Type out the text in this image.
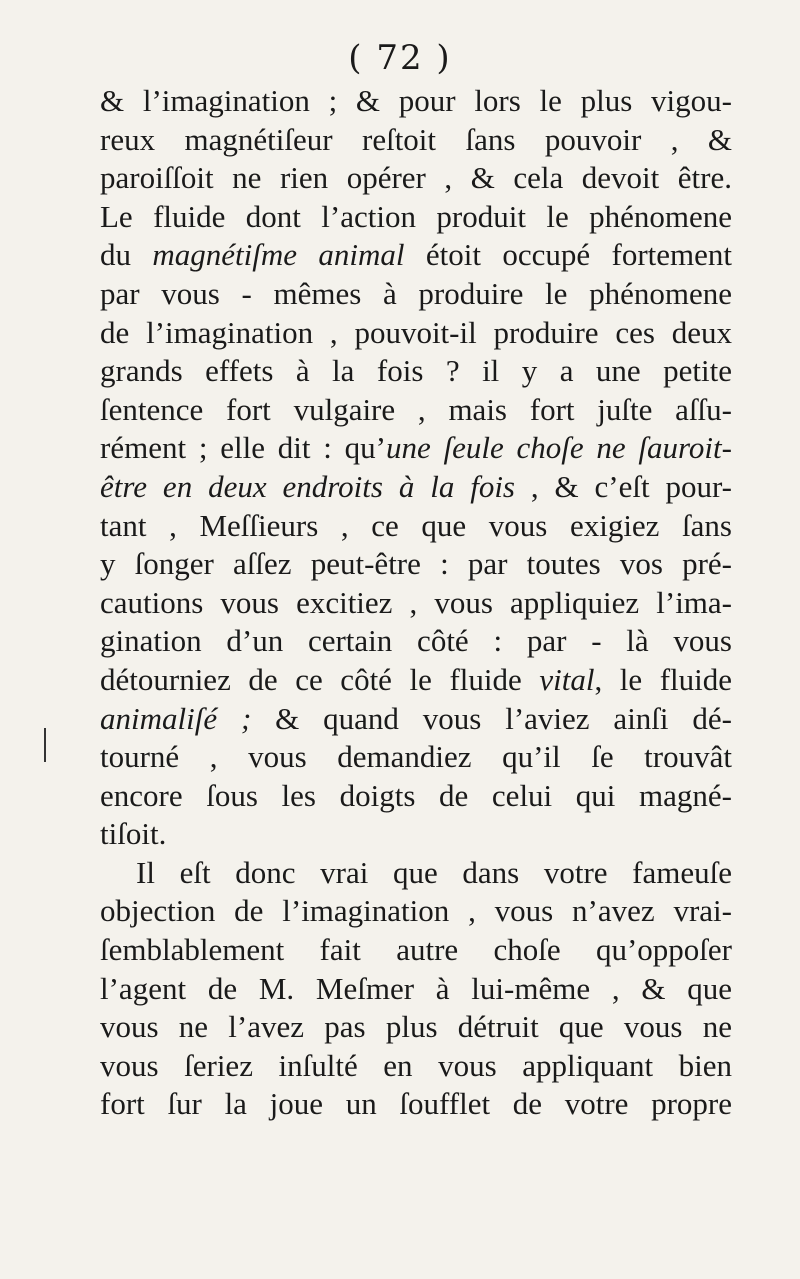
( 72 )
& l’imagination ; & pour lors le plus vigou-
reux magnétiſeur reſtoit ſans pouvoir , &
paroiſſoit ne rien opérer , & cela devoit être.
Le fluide dont l’action produit le phénomene
du magnétiſme animal étoit occupé fortement
par vous - mêmes à produire le phénomene
de l’imagination , pouvoit-il produire ces deux
grands effets à la fois ? il y a une petite
ſentence fort vulgaire , mais fort juſte aſſu-
rément ; elle dit : qu’une ſeule choſe ne ſauroit-
être en deux endroits à la fois , & c’eſt pour-
tant , Meſſieurs , ce que vous exigiez ſans
y ſonger aſſez peut-être : par toutes vos pré-
cautions vous excitiez , vous appliquiez l’ima-
gination d’un certain côté : par - là vous
détourniez de ce côté le fluide vital, le fluide
animaliſé ; & quand vous l’aviez ainſi dé-
tourné , vous demandiez qu’il ſe trouvât
encore ſous les doigts de celui qui magné-
tiſoit.
Il eſt donc vrai que dans votre fameuſe
objection de l’imagination , vous n’avez vrai-
ſemblablement fait autre choſe qu’oppoſer
l’agent de M. Meſmer à lui-même , & que
vous ne l’avez pas plus détruit que vous ne
vous ſeriez inſulté en vous appliquant bien
fort ſur la joue un ſoufflet de votre propre
